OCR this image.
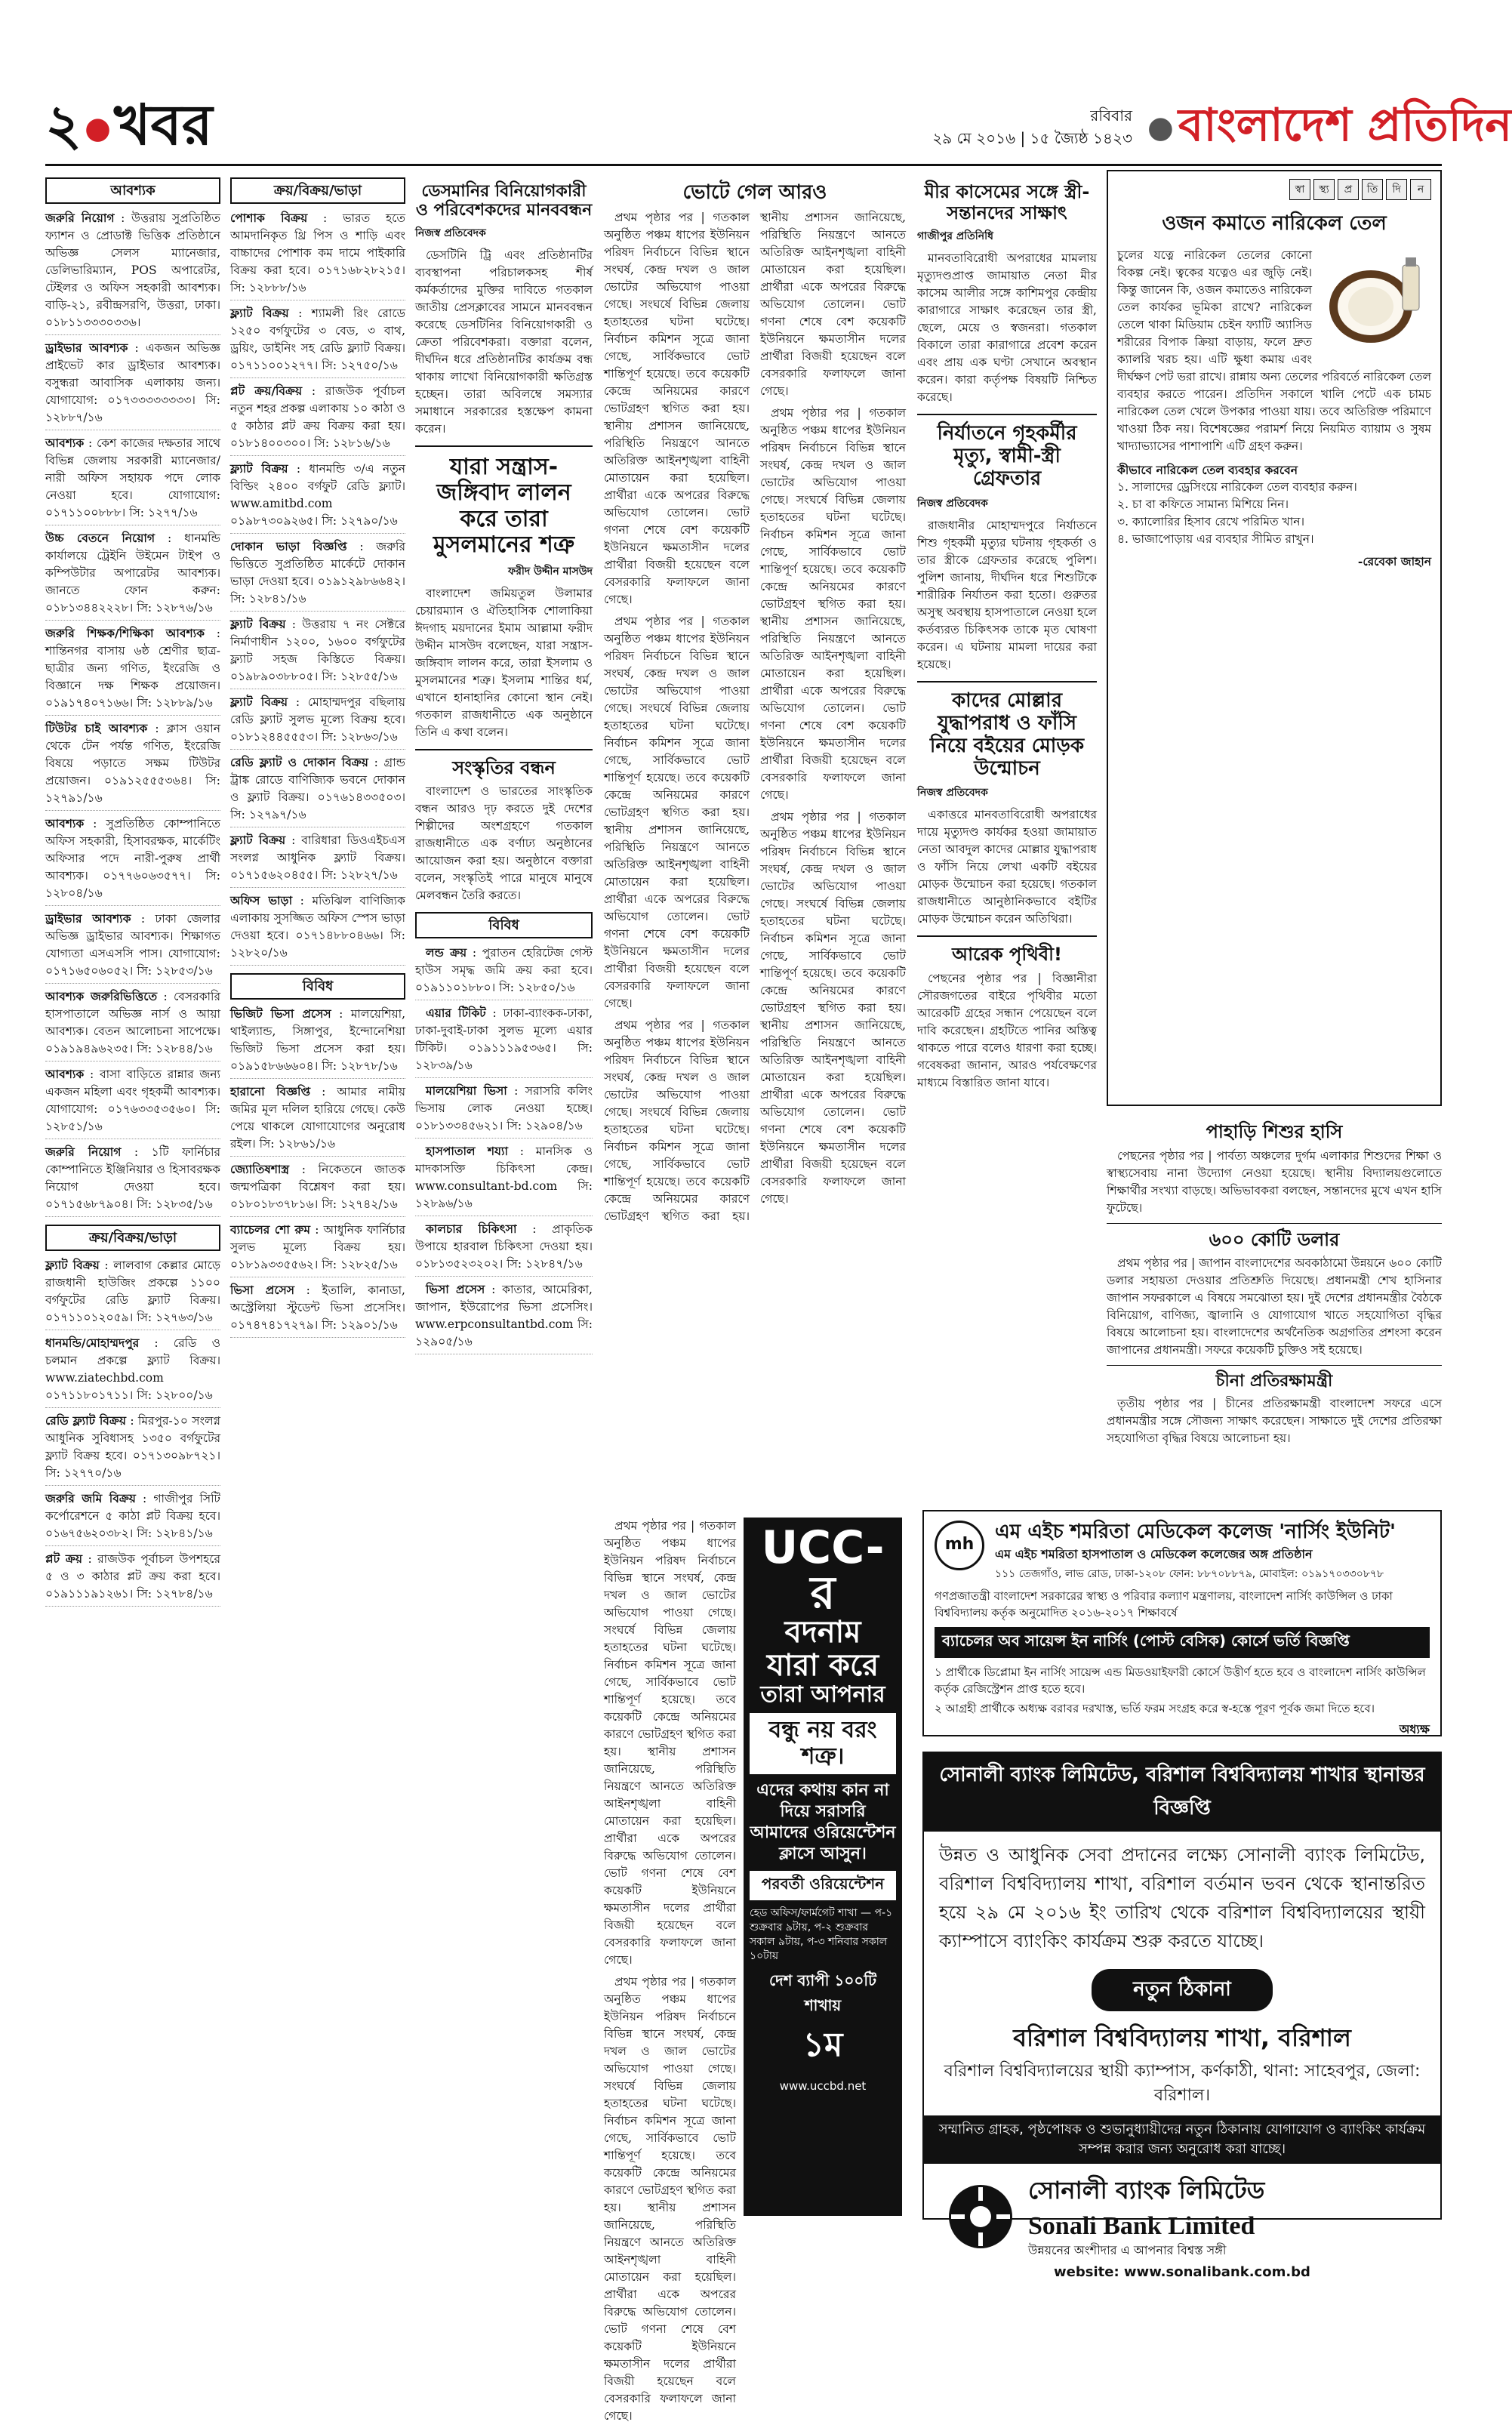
২ ●খবর	রবিবার
২৯ মে ২০১৬ | ১৫ জ্যৈষ্ঠ ১৪২৩ ● বাংলাদেশ প্রতিদিন
আবশ্যক

জরুরি নিয়োগ : উত্তরায় সুপ্রতিষ্ঠিত ফ্যাশন ও প্রোডাক্ট ভিত্তিক প্রতিষ্ঠানে অভিজ্ঞ সেলস ম্যানেজার, ডেলিভারিম্যান, POS অপারেটর, টেইলর ও অফিস সহকারী আবশ্যক। বাড়ি-২১, রবীন্দ্রসরণি, উত্তরা, ঢাকা। ০১৮১১৩৩৩০৩৩৬।

ড্রাইভার আবশ্যক : একজন অভিজ্ঞ প্রাইভেট কার ড্রাইভার আবশ্যক। বসুন্ধরা আবাসিক এলাকায় জন্য। যোগাযোগ: ০১৭৩৩৩৩৩৩৩৩। সি: ১২৮৮৭/১৬

আবশ্যক : কেশ কাজের দক্ষতার সাথে বিভিন্ন জেলায় সরকারী ম্যানেজার/নারী অফিস সহায়ক পদে লোক নেওয়া হবে। যোগাযোগ: ০১৭১১০০৮৮৮। সি: ১২৭৭/১৬

উচ্চ বেতনে নিয়োগ : ধানমন্ডি কার্যালয়ে ট্রেইনি উইমেন টাইপ ও কম্পিউটার অপারেটর আবশ্যক। জানতে ফোন করুন: ০১৮১৩৪৪২২২৮। সি: ১২৮৭৬/১৬

জরুরি শিক্ষক/শিক্ষিকা আবশ্যক : শান্তিনগর বাসায় ৬ষ্ঠ শ্রেণীর ছাত্র-ছাত্রীর জন্য গণিত, ইংরেজি ও বিজ্ঞানে দক্ষ শিক্ষক প্রয়োজন। ০১৯১৭৪০৭১৬৬। সি: ১২৮৮৯/১৬

টিউটর চাই আবশ্যক : ক্লাস ওয়ান থেকে টেন পর্যন্ত গণিত, ইংরেজি বিষয়ে পড়াতে সক্ষম টিউটর প্রয়োজন। ০১৯১২৫৫৫৩৬৪। সি: ১২৭৯১/১৬

আবশ্যক : সুপ্রতিষ্ঠিত কোম্পানিতে অফিস সহকারী, হিসাবরক্ষক, মার্কেটিং অফিসার পদে নারী-পুরুষ প্রার্থী আবশ্যক। ০১৭৭৬০৬৩৫৭৭। সি: ১২৮০৪/১৬

ড্রাইভার আবশ্যক : ঢাকা জেলার অভিজ্ঞ ড্রাইভার আবশ্যক। শিক্ষাগত যোগ্যতা এসএসসি পাস। যোগাযোগ: ০১৭১৬৫০৬০৫২। সি: ১২৮৫৩/১৬

আবশ্যক জরুরিভিত্তিতে : বেসরকারি হাসপাতালে অভিজ্ঞ নার্স ও আয়া আবশ্যক। বেতন আলোচনা সাপেক্ষে। ০১৯১৯৪৯৬২৩৫। সি: ১২৮৪৪/১৬

আবশ্যক : বাসা বাড়িতে রান্নার জন্য একজন মহিলা এবং গৃহকর্মী আবশ্যক। যোগাযোগ: ০১৭৬৩৩৫৩৫৬০। সি: ১২৮৫১/১৬

জরুরি নিয়োগ : ১টি ফার্নিচার কোম্পানিতে ইঞ্জিনিয়ার ও হিসাবরক্ষক নিয়োগ দেওয়া হবে। ০১৭১৫৬৮৭৯০৪। সি: ১২৮৩৫/১৬

ক্রয়/বিক্রয়/ভাড়া

ফ্ল্যাট বিক্রয় : লালবাগ কেল্লার মোড়ে রাজধানী হাউজিং প্রকল্পে ১১০০ বর্গফুটের রেডি ফ্ল্যাট বিক্রয়। ০১৭১১০১২০৫৯। সি: ১২৭৬৩/১৬

ধানমন্ডি/মোহাম্মদপুর : রেডি ও চলমান প্রকল্পে ফ্ল্যাট বিক্রয়। www.ziatechbd.com ০১৭১১৮০১৭১১। সি: ১২৮০০/১৬

রেডি ফ্ল্যাট বিক্রয় : মিরপুর-১০ সংলগ্ন আধুনিক সুবিধাসহ ১৩৫০ বর্গফুটের ফ্ল্যাট বিক্রয় হবে। ০১৭১৩০৯৮৭২১। সি: ১২৭৭০/১৬

জরুরি জমি বিক্রয় : গাজীপুর সিটি কর্পোরেশনে ৫ কাঠা প্লট বিক্রয় হবে। ০১৬৭৫৬২০৩৮২। সি: ১২৮৪১/১৬

প্লট ক্রয় : রাজউক পূর্বাচল উপশহরে ৫ ও ৩ কাঠার প্লট ক্রয় করা হবে। ০১৯১১১৯১২৬১। সি: ১২৭৮৪/১৬

ক্রয়/বিক্রয়/ভাড়া

পোশাক বিক্রয় : ভারত হতে আমদানিকৃত থ্রি পিস ও শাড়ি এবং বাচ্চাদের পোশাক কম দামে পাইকারি বিক্রয় করা হবে। ০১৭১৬৮২৮২১৫। সি: ১২৮৮৮/১৬

ফ্ল্যাট বিক্রয় : শ্যামলী রিং রোডে ১২৫০ বর্গফুটের ৩ বেড, ৩ বাথ, ড্রয়িং, ডাইনিং সহ রেডি ফ্ল্যাট বিক্রয়। ০১৭১১০০১২৭৭। সি: ১২৭৫০/১৬

প্লট ক্রয়/বিক্রয় : রাজউক পূর্বাচল নতুন শহর প্রকল্প এলাকায় ১০ কাঠা ও ৫ কাঠার প্লট ক্রয় বিক্রয় করা হয়। ০১৮১৪০০৩০০। সি: ১২৮১৬/১৬

ফ্ল্যাট বিক্রয় : ধানমন্ডি ৩/এ নতুন বিল্ডিং ২৪০০ বর্গফুট রেডি ফ্ল্যাট। www.amitbd.com ০১৯৮৭৩০৯২৬৫। সি: ১২৭৯০/১৬

দোকান ভাড়া বিজ্ঞপ্তি : জরুরি ভিত্তিতে সুপ্রতিষ্ঠিত মার্কেটে দোকান ভাড়া দেওয়া হবে। ০১৯১২৯৮৬৬৪২। সি: ১২৮৪১/১৬

ফ্ল্যাট বিক্রয় : উত্তরায় ৭ নং সেক্টরে নির্মাণাধীন ১২০০, ১৬০০ বর্গফুটের ফ্ল্যাট সহজ কিস্তিতে বিক্রয়। ০১৯৮৯০৩৮৮০৫। সি: ১২৮৫৫/১৬

ফ্ল্যাট বিক্রয় : মোহাম্মদপুর বছিলায় রেডি ফ্ল্যাট সুলভ মূল্যে বিক্রয় হবে। ০১৮১২৪৪৫৫৫৩। সি: ১২৮৬৩/১৬

রেডি ফ্ল্যাট ও দোকান বিক্রয় : গ্রান্ড ট্রাঙ্ক রোডে বাণিজ্যিক ভবনে দোকান ও ফ্ল্যাট বিক্রয়। ০১৭৬১৪৩৩৫০৩। সি: ১২৭৯৭/১৬

ফ্ল্যাট বিক্রয় : বারিধারা ডিওএইচএস সংলগ্ন আধুনিক ফ্ল্যাট বিক্রয়। ০১৭১৫৬২০৪৫৫। সি: ১২৮২৭/১৬

অফিস ভাড়া : মতিঝিল বাণিজ্যিক এলাকায় সুসজ্জিত অফিস স্পেস ভাড়া দেওয়া হবে। ০১৭১৪৮৮০৪৬৬। সি: ১২৮২০/১৬

বিবিধ

ভিজিট ভিসা প্রসেস : মালয়েশিয়া, থাইল্যান্ড, সিঙ্গাপুর, ইন্দোনেশিয়া ভিজিট ভিসা প্রসেস করা হয়। ০১৯১৫৮৬৬৬০৪। সি: ১২৮৭৮/১৬

হারানো বিজ্ঞপ্তি : আমার নামীয় জমির মূল দলিল হারিয়ে গেছে। কেউ পেয়ে থাকলে যোগাযোগের অনুরোধ রইল। সি: ১২৮৬১/১৬

জ্যোতিষশাস্ত্র : নিকেতনে জাতক জন্মপত্রিকা বিশ্লেষণ করা হয়। ০১৮০১৮৩৭৮১৬। সি: ১২৭৪২/১৬

ব্যাচেলর শো রুম : আধুনিক ফার্নিচার সুলভ মূল্যে বিক্রয় হয়। ০১৮১৯৩৩৫৫৬২। সি: ১২৮২৫/১৬

ভিসা প্রসেস : ইতালি, কানাডা, অস্ট্রেলিয়া স্টুডেন্ট ভিসা প্রসেসিং। ০১৭৪৭৪১৭২৭৯। সি: ১২৯০১/১৬

ডেসমানির বিনিয়োগকারী ও পরিবেশকদের মানববন্ধন
নিজস্ব প্রতিবেদক

ডেসটিনি ট্রি এবং প্রতিষ্ঠানটির ব্যবস্থাপনা পরিচালকসহ শীর্ষ কর্মকর্তাদের মুক্তির দাবিতে গতকাল জাতীয় প্রেসক্লাবের সামনে মানববন্ধন করেছে ডেসটিনির বিনিয়োগকারী ও ক্রেতা পরিবেশকরা। বক্তারা বলেন, দীর্ঘদিন ধরে প্রতিষ্ঠানটির কার্যক্রম বন্ধ থাকায় লাখো বিনিয়োগকারী ক্ষতিগ্রস্ত হচ্ছেন। তারা অবিলম্বে সমস্যার সমাধানে সরকারের হস্তক্ষেপ কামনা করেন।

যারা সন্ত্রাস-জঙ্গিবাদ লালন করে তারা মুসলমানের শত্রু
ফরীদ উদ্দীন মাসউদ

বাংলাদেশ জমিয়তুল উলামার চেয়ারম্যান ও ঐতিহাসিক শোলাকিয়া ঈদগাহ ময়দানের ইমাম আল্লামা ফরীদ উদ্দীন মাসউদ বলেছেন, যারা সন্ত্রাস-জঙ্গিবাদ লালন করে, তারা ইসলাম ও মুসলমানের শত্রু। ইসলাম শান্তির ধর্ম, এখানে হানাহানির কোনো স্থান নেই। গতকাল রাজধানীতে এক অনুষ্ঠানে তিনি এ কথা বলেন।

সংস্কৃতির বন্ধন

বাংলাদেশ ও ভারতের সাংস্কৃতিক বন্ধন আরও দৃঢ় করতে দুই দেশের শিল্পীদের অংশগ্রহণে গতকাল রাজধানীতে এক বর্ণাঢ্য অনুষ্ঠানের আয়োজন করা হয়। অনুষ্ঠানে বক্তারা বলেন, সংস্কৃতিই পারে মানুষে মানুষে মেলবন্ধন তৈরি করতে।

বিবিধ

লন্ড ক্রয় : পুরাতন হেরিটেজ গেস্ট হাউস সমৃদ্ধ জমি ক্রয় করা হবে। ০১৯১১০১৮৮০। সি: ১২৮৫০/১৬

এয়ার টিকিট : ঢাকা-ব্যাংকক-ঢাকা, ঢাকা-দুবাই-ঢাকা সুলভ মূল্যে এয়ার টিকিট। ০১৯১১১৯৫৩৬৫। সি: ১২৮৩৯/১৬

মালয়েশিয়া ভিসা : সরাসরি কলিং ভিসায় লোক নেওয়া হচ্ছে। ০১৮১৩৩৪৫৬২১। সি: ১২৯০৪/১৬

হাসপাতাল শয্যা : মানসিক ও মাদকাসক্তি চিকিৎসা কেন্দ্র। www.consultant-bd.com সি: ১২৮৯৬/১৬

কালচার চিকিৎসা : প্রাকৃতিক উপায়ে হারবাল চিকিৎসা দেওয়া হয়। ০১৮১৩৫২৩২০২। সি: ১২৮৪৭/১৬

ভিসা প্রসেস : কাতার, আমেরিকা, জাপান, ইউরোপের ভিসা প্রসেসিং। www.erpconsultantbd.com সি: ১২৯০৫/১৬

ভোটে গেল আরও

প্রথম পৃষ্ঠার পর | গতকাল অনুষ্ঠিত পঞ্চম ধাপের ইউনিয়ন পরিষদ নির্বাচনে বিভিন্ন স্থানে সংঘর্ষ, কেন্দ্র দখল ও জাল ভোটের অভিযোগ পাওয়া গেছে। সংঘর্ষে বিভিন্ন জেলায় হতাহতের ঘটনা ঘটেছে। নির্বাচন কমিশন সূত্রে জানা গেছে, সার্বিকভাবে ভোট শান্তিপূর্ণ হয়েছে। তবে কয়েকটি কেন্দ্রে অনিয়মের কারণে ভোটগ্রহণ স্থগিত করা হয়। স্থানীয় প্রশাসন জানিয়েছে, পরিস্থিতি নিয়ন্ত্রণে আনতে অতিরিক্ত আইনশৃঙ্খলা বাহিনী মোতায়েন করা হয়েছিল। প্রার্থীরা একে অপরের বিরুদ্ধে অভিযোগ তোলেন। ভোট গণনা শেষে বেশ কয়েকটি ইউনিয়নে ক্ষমতাসীন দলের প্রার্থীরা বিজয়ী হয়েছেন বলে বেসরকারি ফলাফলে জানা গেছে।

প্রথম পৃষ্ঠার পর | গতকাল অনুষ্ঠিত পঞ্চম ধাপের ইউনিয়ন পরিষদ নির্বাচনে বিভিন্ন স্থানে সংঘর্ষ, কেন্দ্র দখল ও জাল ভোটের অভিযোগ পাওয়া গেছে। সংঘর্ষে বিভিন্ন জেলায় হতাহতের ঘটনা ঘটেছে। নির্বাচন কমিশন সূত্রে জানা গেছে, সার্বিকভাবে ভোট শান্তিপূর্ণ হয়েছে। তবে কয়েকটি কেন্দ্রে অনিয়মের কারণে ভোটগ্রহণ স্থগিত করা হয়। স্থানীয় প্রশাসন জানিয়েছে, পরিস্থিতি নিয়ন্ত্রণে আনতে অতিরিক্ত আইনশৃঙ্খলা বাহিনী মোতায়েন করা হয়েছিল। প্রার্থীরা একে অপরের বিরুদ্ধে অভিযোগ তোলেন। ভোট গণনা শেষে বেশ কয়েকটি ইউনিয়নে ক্ষমতাসীন দলের প্রার্থীরা বিজয়ী হয়েছেন বলে বেসরকারি ফলাফলে জানা গেছে।

প্রথম পৃষ্ঠার পর | গতকাল অনুষ্ঠিত পঞ্চম ধাপের ইউনিয়ন পরিষদ নির্বাচনে বিভিন্ন স্থানে সংঘর্ষ, কেন্দ্র দখল ও জাল ভোটের অভিযোগ পাওয়া গেছে। সংঘর্ষে বিভিন্ন জেলায় হতাহতের ঘটনা ঘটেছে। নির্বাচন কমিশন সূত্রে জানা গেছে, সার্বিকভাবে ভোট শান্তিপূর্ণ হয়েছে। তবে কয়েকটি কেন্দ্রে অনিয়মের কারণে ভোটগ্রহণ স্থগিত করা হয়। স্থানীয় প্রশাসন জানিয়েছে, পরিস্থিতি নিয়ন্ত্রণে আনতে অতিরিক্ত আইনশৃঙ্খলা বাহিনী মোতায়েন করা হয়েছিল। প্রার্থীরা একে অপরের বিরুদ্ধে অভিযোগ তোলেন। ভোট গণনা শেষে বেশ কয়েকটি ইউনিয়নে ক্ষমতাসীন দলের প্রার্থীরা বিজয়ী হয়েছেন বলে বেসরকারি ফলাফলে জানা গেছে।

প্রথম পৃষ্ঠার পর | গতকাল অনুষ্ঠিত পঞ্চম ধাপের ইউনিয়ন পরিষদ নির্বাচনে বিভিন্ন স্থানে সংঘর্ষ, কেন্দ্র দখল ও জাল ভোটের অভিযোগ পাওয়া গেছে। সংঘর্ষে বিভিন্ন জেলায় হতাহতের ঘটনা ঘটেছে। নির্বাচন কমিশন সূত্রে জানা গেছে, সার্বিকভাবে ভোট শান্তিপূর্ণ হয়েছে। তবে কয়েকটি কেন্দ্রে অনিয়মের কারণে ভোটগ্রহণ স্থগিত করা হয়। স্থানীয় প্রশাসন জানিয়েছে, পরিস্থিতি নিয়ন্ত্রণে আনতে অতিরিক্ত আইনশৃঙ্খলা বাহিনী মোতায়েন করা হয়েছিল। প্রার্থীরা একে অপরের বিরুদ্ধে অভিযোগ তোলেন। ভোট গণনা শেষে বেশ কয়েকটি ইউনিয়নে ক্ষমতাসীন দলের প্রার্থীরা বিজয়ী হয়েছেন বলে বেসরকারি ফলাফলে জানা গেছে।

প্রথম পৃষ্ঠার পর | গতকাল অনুষ্ঠিত পঞ্চম ধাপের ইউনিয়ন পরিষদ নির্বাচনে বিভিন্ন স্থানে সংঘর্ষ, কেন্দ্র দখল ও জাল ভোটের অভিযোগ পাওয়া গেছে। সংঘর্ষে বিভিন্ন জেলায় হতাহতের ঘটনা ঘটেছে। নির্বাচন কমিশন সূত্রে জানা গেছে, সার্বিকভাবে ভোট শান্তিপূর্ণ হয়েছে। তবে কয়েকটি কেন্দ্রে অনিয়মের কারণে ভোটগ্রহণ স্থগিত করা হয়। স্থানীয় প্রশাসন জানিয়েছে, পরিস্থিতি নিয়ন্ত্রণে আনতে অতিরিক্ত আইনশৃঙ্খলা বাহিনী মোতায়েন করা হয়েছিল। প্রার্থীরা একে অপরের বিরুদ্ধে অভিযোগ তোলেন। ভোট গণনা শেষে বেশ কয়েকটি ইউনিয়নে ক্ষমতাসীন দলের প্রার্থীরা বিজয়ী হয়েছেন বলে বেসরকারি ফলাফলে জানা গেছে।

প্রথম পৃষ্ঠার পর | গতকাল অনুষ্ঠিত পঞ্চম ধাপের ইউনিয়ন পরিষদ নির্বাচনে বিভিন্ন স্থানে সংঘর্ষ, কেন্দ্র দখল ও জাল ভোটের অভিযোগ পাওয়া গেছে। সংঘর্ষে বিভিন্ন জেলায় হতাহতের ঘটনা ঘটেছে। নির্বাচন কমিশন সূত্রে জানা গেছে, সার্বিকভাবে ভোট শান্তিপূর্ণ হয়েছে। তবে কয়েকটি কেন্দ্রে অনিয়মের কারণে ভোটগ্রহণ স্থগিত করা হয়। স্থানীয় প্রশাসন জানিয়েছে, পরিস্থিতি নিয়ন্ত্রণে আনতে অতিরিক্ত আইনশৃঙ্খলা বাহিনী মোতায়েন করা হয়েছিল। প্রার্থীরা একে অপরের বিরুদ্ধে অভিযোগ তোলেন। ভোট গণনা শেষে বেশ কয়েকটি ইউনিয়নে ক্ষমতাসীন দলের প্রার্থীরা বিজয়ী হয়েছেন বলে বেসরকারি ফলাফলে জানা গেছে।

প্রথম পৃষ্ঠার পর | গতকাল অনুষ্ঠিত পঞ্চম ধাপের ইউনিয়ন পরিষদ নির্বাচনে বিভিন্ন স্থানে সংঘর্ষ, কেন্দ্র দখল ও জাল ভোটের অভিযোগ পাওয়া গেছে। সংঘর্ষে বিভিন্ন জেলায় হতাহতের ঘটনা ঘটেছে। নির্বাচন কমিশন সূত্রে জানা গেছে, সার্বিকভাবে ভোট শান্তিপূর্ণ হয়েছে। তবে কয়েকটি কেন্দ্রে অনিয়মের কারণে ভোটগ্রহণ স্থগিত করা হয়। স্থানীয় প্রশাসন জানিয়েছে, পরিস্থিতি নিয়ন্ত্রণে আনতে অতিরিক্ত আইনশৃঙ্খলা বাহিনী মোতায়েন করা হয়েছিল। প্রার্থীরা একে অপরের বিরুদ্ধে অভিযোগ তোলেন। ভোট গণনা শেষে বেশ কয়েকটি ইউনিয়নে ক্ষমতাসীন দলের প্রার্থীরা বিজয়ী হয়েছেন বলে বেসরকারি ফলাফলে জানা গেছে।

মীর কাসেমের সঙ্গে স্ত্রী-সন্তানদের সাক্ষাৎ
গাজীপুর প্রতিনিধি

মানবতাবিরোধী অপরাধের মামলায় মৃত্যুদণ্ডপ্রাপ্ত জামায়াত নেতা মীর কাসেম আলীর সঙ্গে কাশিমপুর কেন্দ্রীয় কারাগারে সাক্ষাৎ করেছেন তার স্ত্রী, ছেলে, মেয়ে ও স্বজনরা। গতকাল বিকালে তারা কারাগারে প্রবেশ করেন এবং প্রায় এক ঘণ্টা সেখানে অবস্থান করেন। কারা কর্তৃপক্ষ বিষয়টি নিশ্চিত করেছে।

নির্যাতনে গৃহকর্মীর মৃত্যু, স্বামী-স্ত্রী গ্রেফতার
নিজস্ব প্রতিবেদক

রাজধানীর মোহাম্মদপুরে নির্যাতনে শিশু গৃহকর্মী মৃত্যুর ঘটনায় গৃহকর্তা ও তার স্ত্রীকে গ্রেফতার করেছে পুলিশ। পুলিশ জানায়, দীর্ঘদিন ধরে শিশুটিকে শারীরিক নির্যাতন করা হতো। গুরুতর অসুস্থ অবস্থায় হাসপাতালে নেওয়া হলে কর্তব্যরত চিকিৎসক তাকে মৃত ঘোষণা করেন। এ ঘটনায় মামলা দায়ের করা হয়েছে।

কাদের মোল্লার যুদ্ধাপরাধ ও ফাঁসি নিয়ে বইয়ের মোড়ক উন্মোচন
নিজস্ব প্রতিবেদক

একাত্তরে মানবতাবিরোধী অপরাধের দায়ে মৃত্যুদণ্ড কার্যকর হওয়া জামায়াত নেতা আবদুল কাদের মোল্লার যুদ্ধাপরাধ ও ফাঁসি নিয়ে লেখা একটি বইয়ের মোড়ক উন্মোচন করা হয়েছে। গতকাল রাজধানীতে আনুষ্ঠানিকভাবে বইটির মোড়ক উন্মোচন করেন অতিথিরা।

আরেক পৃথিবী!

পেছনের পৃষ্ঠার পর | বিজ্ঞানীরা সৌরজগতের বাইরে পৃথিবীর মতো আরেকটি গ্রহের সন্ধান পেয়েছেন বলে দাবি করেছেন। গ্রহটিতে পানির অস্তিত্ব থাকতে পারে বলেও ধারণা করা হচ্ছে। গবেষকরা জানান, আরও পর্যবেক্ষণের মাধ্যমে বিস্তারিত জানা যাবে।

স্বা	স্থ্য	প্র	তি	দি	ন
ওজন কমাতে নারিকেল তেল

চুলের যত্নে নারিকেল তেলের কোনো বিকল্প নেই। ত্বকের যত্নেও এর জুড়ি নেই। কিন্তু জানেন কি, ওজন কমাতেও নারিকেল তেল কার্যকর ভূমিকা রাখে? নারিকেল তেলে থাকা মিডিয়াম চেইন ফ্যাটি অ্যাসিড শরীরের বিপাক ক্রিয়া বাড়ায়, ফলে দ্রুত ক্যালরি খরচ হয়। এটি ক্ষুধা কমায় এবং দীর্ঘক্ষণ পেট ভরা রাখে। রান্নায় অন্য তেলের পরিবর্তে নারিকেল তেল ব্যবহার করতে পারেন। প্রতিদিন সকালে খালি পেটে এক চামচ নারিকেল তেল খেলে উপকার পাওয়া যায়। তবে অতিরিক্ত পরিমাণে খাওয়া ঠিক নয়। বিশেষজ্ঞের পরামর্শ নিয়ে নিয়মিত ব্যায়াম ও সুষম খাদ্যাভ্যাসের পাশাপাশি এটি গ্রহণ করুন।

কীভাবে নারিকেল তেল ব্যবহার করবেন

১. সালাদের ড্রেসিংয়ে নারিকেল তেল ব্যবহার করুন।
২. চা বা কফিতে সামান্য মিশিয়ে নিন।
৩. ক্যালোরির হিসাব রেখে পরিমিত খান।
৪. ভাজাপোড়ায় এর ব্যবহার সীমিত রাখুন।

-রেবেকা জাহান

পাহাড়ি শিশুর হাসি

পেছনের পৃষ্ঠার পর | পার্বত্য অঞ্চলের দুর্গম এলাকার শিশুদের শিক্ষা ও স্বাস্থ্যসেবায় নানা উদ্যোগ নেওয়া হয়েছে। স্থানীয় বিদ্যালয়গুলোতে শিক্ষার্থীর সংখ্যা বাড়ছে। অভিভাবকরা বলছেন, সন্তানদের মুখে এখন হাসি ফুটেছে।

৬০০ কোটি ডলার

প্রথম পৃষ্ঠার পর | জাপান বাংলাদেশের অবকাঠামো উন্নয়নে ৬০০ কোটি ডলার সহায়তা দেওয়ার প্রতিশ্রুতি দিয়েছে। প্রধানমন্ত্রী শেখ হাসিনার জাপান সফরকালে এ বিষয়ে সমঝোতা হয়। দুই দেশের প্রধানমন্ত্রীর বৈঠকে বিনিয়োগ, বাণিজ্য, জ্বালানি ও যোগাযোগ খাতে সহযোগিতা বৃদ্ধির বিষয়ে আলোচনা হয়। বাংলাদেশের অর্থনৈতিক অগ্রগতির প্রশংসা করেন জাপানের প্রধানমন্ত্রী। সফরে কয়েকটি চুক্তিও সই হয়েছে।

চীনা প্রতিরক্ষামন্ত্রী

তৃতীয় পৃষ্ঠার পর | চীনের প্রতিরক্ষামন্ত্রী বাংলাদেশ সফরে এসে প্রধানমন্ত্রীর সঙ্গে সৌজন্য সাক্ষাৎ করেছেন। সাক্ষাতে দুই দেশের প্রতিরক্ষা সহযোগিতা বৃদ্ধির বিষয়ে আলোচনা হয়।

UCC-র
বদনাম
যারা করে
তারা আপনার
বন্ধু নয় বরং শত্রু।
এদের কথায় কান না দিয়ে সরাসরি আমাদের ওরিয়েন্টেশন ক্লাসে আসুন।
পরবর্তী ওরিয়েন্টেশন
হেড অফিস/ফার্মগেট শাখা — প-১ শুক্রবার ৯টায়, প-২ শুক্রবার সকাল ৯টায়, প-৩ শনিবার সকাল ১০টায়
দেশ ব্যাপী ১০০টি শাখায়
১ম
www.uccbd.net
mh
এম এইচ শমরিতা মেডিকেল কলেজ 'নার্সিং ইউনিট'
এম এইচ শমরিতা হাসপাতাল ও মেডিকেল কলেজের অঙ্গ প্রতিষ্ঠান
১১১ তেজগাঁও, লাভ রোড, ঢাকা-১২০৮ ফোন: ৮৮৭০৮৮৭৯, মোবাইল: ০১৯১৭০৩৩০৮৭৮
গণপ্রজাতন্ত্রী বাংলাদেশ সরকারের স্বাস্থ্য ও পরিবার কল্যাণ মন্ত্রণালয়, বাংলাদেশ নার্সিং কাউন্সিল ও ঢাকা বিশ্ববিদ্যালয় কর্তৃক অনুমোদিত ২০১৬-২০১৭ শিক্ষাবর্ষে
ব্যাচেলর অব সায়েন্স ইন নার্সিং (পোস্ট বেসিক) কোর্সে ভর্তি বিজ্ঞপ্তি
১ প্রার্থীকে ডিপ্লোমা ইন নার্সিং সায়েন্স এন্ড মিডওয়াইফারী কোর্সে উত্তীর্ণ হতে হবে ও বাংলাদেশ নার্সিং কাউন্সিল কর্তৃক রেজিস্ট্রেশন প্রাপ্ত হতে হবে।
২ আগ্রহী প্রার্থীকে অধ্যক্ষ বরাবর দরখাস্ত, ভর্তি ফরম সংগ্রহ করে স্ব-হস্তে পূরণ পূর্বক জমা দিতে হবে।
অধ্যক্ষ
সোনালী ব্যাংক লিমিটেড, বরিশাল বিশ্ববিদ্যালয় শাখার স্থানান্তর বিজ্ঞপ্তি
উন্নত ও আধুনিক সেবা প্রদানের লক্ষ্যে সোনালী ব্যাংক লিমিটেড, বরিশাল বিশ্ববিদ্যালয় শাখা, বরিশাল বর্তমান ভবন থেকে স্থানান্তরিত হয়ে ২৯ মে ২০১৬ ইং তারিখ থেকে বরিশাল বিশ্ববিদ্যালয়ের স্থায়ী ক্যাম্পাসে ব্যাংকিং কার্যক্রম শুরু করতে যাচ্ছে।
নতুন ঠিকানা
বরিশাল বিশ্ববিদ্যালয় শাখা, বরিশাল
বরিশাল বিশ্ববিদ্যালয়ের স্থায়ী ক্যাম্পাস, কর্ণকাঠী, থানা: সাহেবপুর, জেলা: বরিশাল।
সম্মানিত গ্রাহক, পৃষ্ঠপোষক ও শুভানুধ্যায়ীদের নতুন ঠিকানায় যোগাযোগ ও ব্যাংকিং কার্যক্রম সম্পন্ন করার জন্য অনুরোধ করা যাচ্ছে।
সোনালী ব্যাংক লিমিটেড
Sonali Bank Limited
উন্নয়নের অংশীদার এ আপনার বিশ্বস্ত সঙ্গী
website: www.sonalibank.com.bd
